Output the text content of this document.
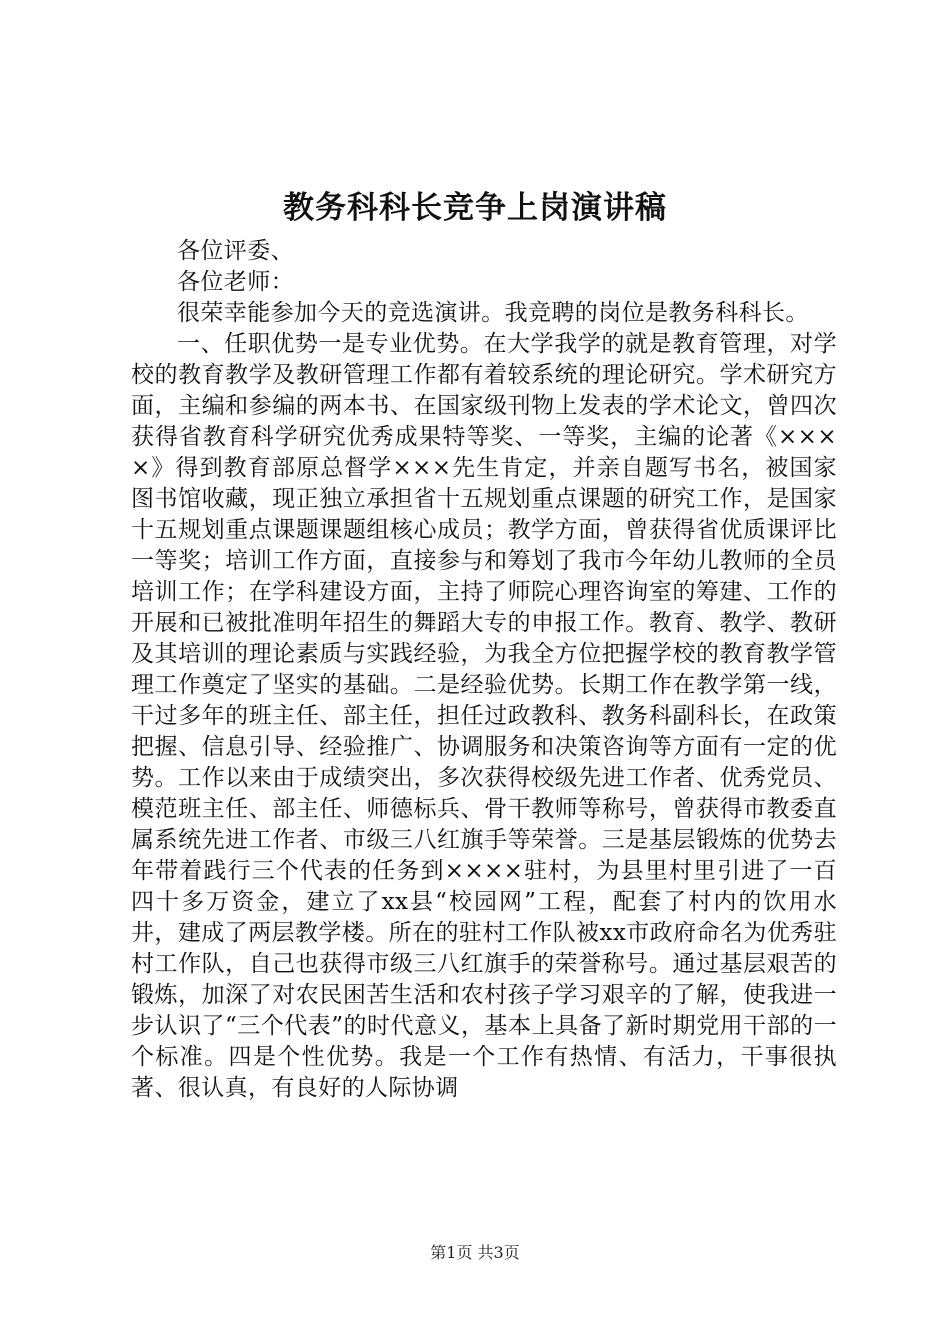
教务科科长竞争上岗演讲稿

各位评委、

各位老师：

很荣幸能参加今天的竞选演讲。我竞聘的岗位是教务科科长。

一、任职优势一是专业优势。在大学我学的就是教育管理，对学校的教育教学及教研管理工作都有着较系统的理论研究。学术研究方面，主编和参编的两本书、在国家级刊物上发表的学术论文，曾四次获得省教育科学研究优秀成果特等奖、一等奖，主编的论著《××××》得到教育部原总督学×××先生肯定，并亲自题写书名，被国家图书馆收藏，现正独立承担省十五规划重点课题的研究工作，是国家十五规划重点课题课题组核心成员；教学方面，曾获得省优质课评比一等奖；培训工作方面，直接参与和筹划了我市今年幼儿教师的全员培训工作；在学科建设方面，主持了师院心理咨询室的筹建、工作的开展和已被批准明年招生的舞蹈大专的申报工作。教育、教学、教研及其培训的理论素质与实践经验，为我全方位把握学校的教育教学管理工作奠定了坚实的基础。二是经验优势。长期工作在教学第一线，干过多年的班主任、部主任，担任过政教科、教务科副科长，在政策把握、信息引导、经验推广、协调服务和决策咨询等方面有一定的优势。工作以来由于成绩突出，多次获得校级先进工作者、优秀党员、模范班主任、部主任、师德标兵、骨干教师等称号，曾获得市教委直属系统先进工作者、市级三八红旗手等荣誉。三是基层锻炼的优势去年带着践行三个代表的任务到××××驻村，为县里村里引进了一百四十多万资金，建立了xx县“校园网”工程，配套了村内的饮用水井，建成了两层教学楼。所在的驻村工作队被xx市政府命名为优秀驻村工作队，自己也获得市级三八红旗手的荣誉称号。通过基层艰苦的锻炼，加深了对农民困苦生活和农村孩子学习艰辛的了解，使我进一步认识了“三个代表”的时代意义，基本上具备了新时期党用干部的一个标准。四是个性优势。我是一个工作有热情、有活力，干事很执著、很认真，有良好的人际协调

第1页 共3页
